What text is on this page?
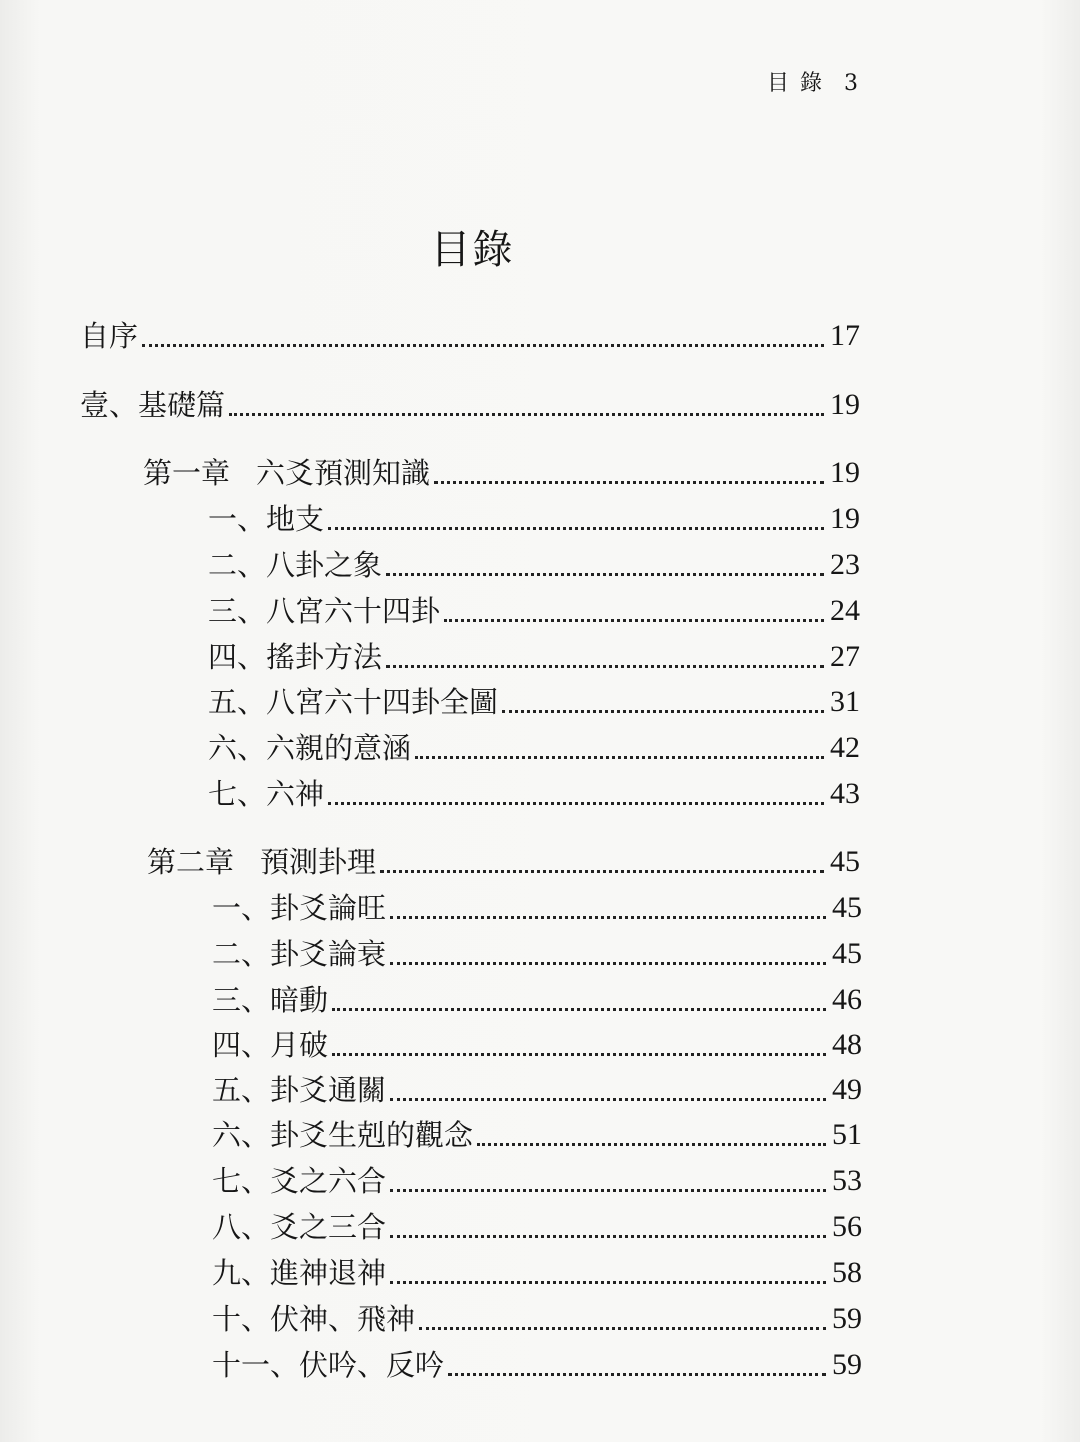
目 錄 3
目錄
自序	17
壹、基礎篇	19
第一章 六爻預測知識	19
一、地支	19
二、八卦之象	23
三、八宮六十四卦	24
四、搖卦方法	27
五、八宮六十四卦全圖	31
六、六親的意涵	42
七、六神	43
第二章 預測卦理	45
一、卦爻論旺	45
二、卦爻論衰	45
三、暗動	46
四、月破	48
五、卦爻通關	49
六、卦爻生剋的觀念	51
七、爻之六合	53
八、爻之三合	56
九、進神退神	58
十、伏神、飛神	59
十一、伏吟、反吟	59
